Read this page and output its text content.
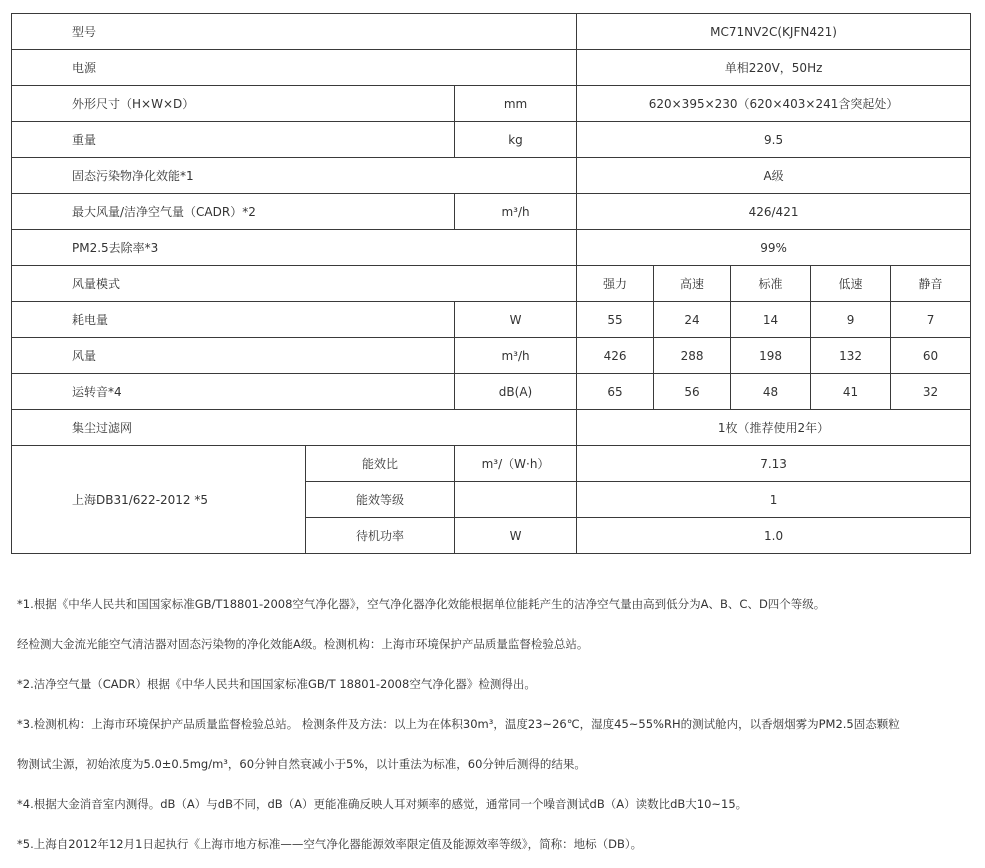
型号			MC71NV2C(KJFN421)				
电源			单相220V，50Hz				
外形尺寸（H×W×D）		mm	620×395×230（620×403×241含突起处）				
重量		kg	9.5				
固态污染物净化效能*1			A级				
最大风量/洁净空气量（CADR）*2		m³/h	426/421				
PM2.5去除率*3			99%				
风量模式			强力	高速	标准	低速	静音
耗电量		W	55	24	14	9	7
风量		m³/h	426	288	198	132	60
运转音*4		dB(A)	65	56	48	41	32
集尘过滤网			1枚（推荐使用2年）				
上海DB31/622-2012 *5	能效比	m³/（W·h）	7.13				
	能效等级		1				
	待机功率	W	1.0				
*1.根据《中华人民共和国国家标准GB/T18801-2008空气净化器》，空气净化器净化效能根据单位能耗产生的洁净空气量由高到低分为A、B、C、D四个等级。
经检测大金流光能空气清洁器对固态污染物的净化效能A级。检测机构：上海市环境保护产品质量监督检验总站。
*2.洁净空气量（CADR）根据《中华人民共和国国家标准GB/T 18801-2008空气净化器》检测得出。
*3.检测机构：上海市环境保护产品质量监督检验总站。 检测条件及方法：以上为在体积30m³，温度23~26℃，湿度45~55%RH的测试舱内，以香烟烟雾为PM2.5固态颗粒
物测试尘源，初始浓度为5.0±0.5mg/m³，60分钟自然衰减小于5%，以计重法为标准，60分钟后测得的结果。
*4.根据大金消音室内测得。dB（A）与dB不同，dB（A）更能准确反映人耳对频率的感觉，通常同一个噪音测试dB（A）读数比dB大10~15。
*5.上海自2012年12月1日起执行《上海市地方标准——空气净化器能源效率限定值及能源效率等级》，简称：地标（DB）。
